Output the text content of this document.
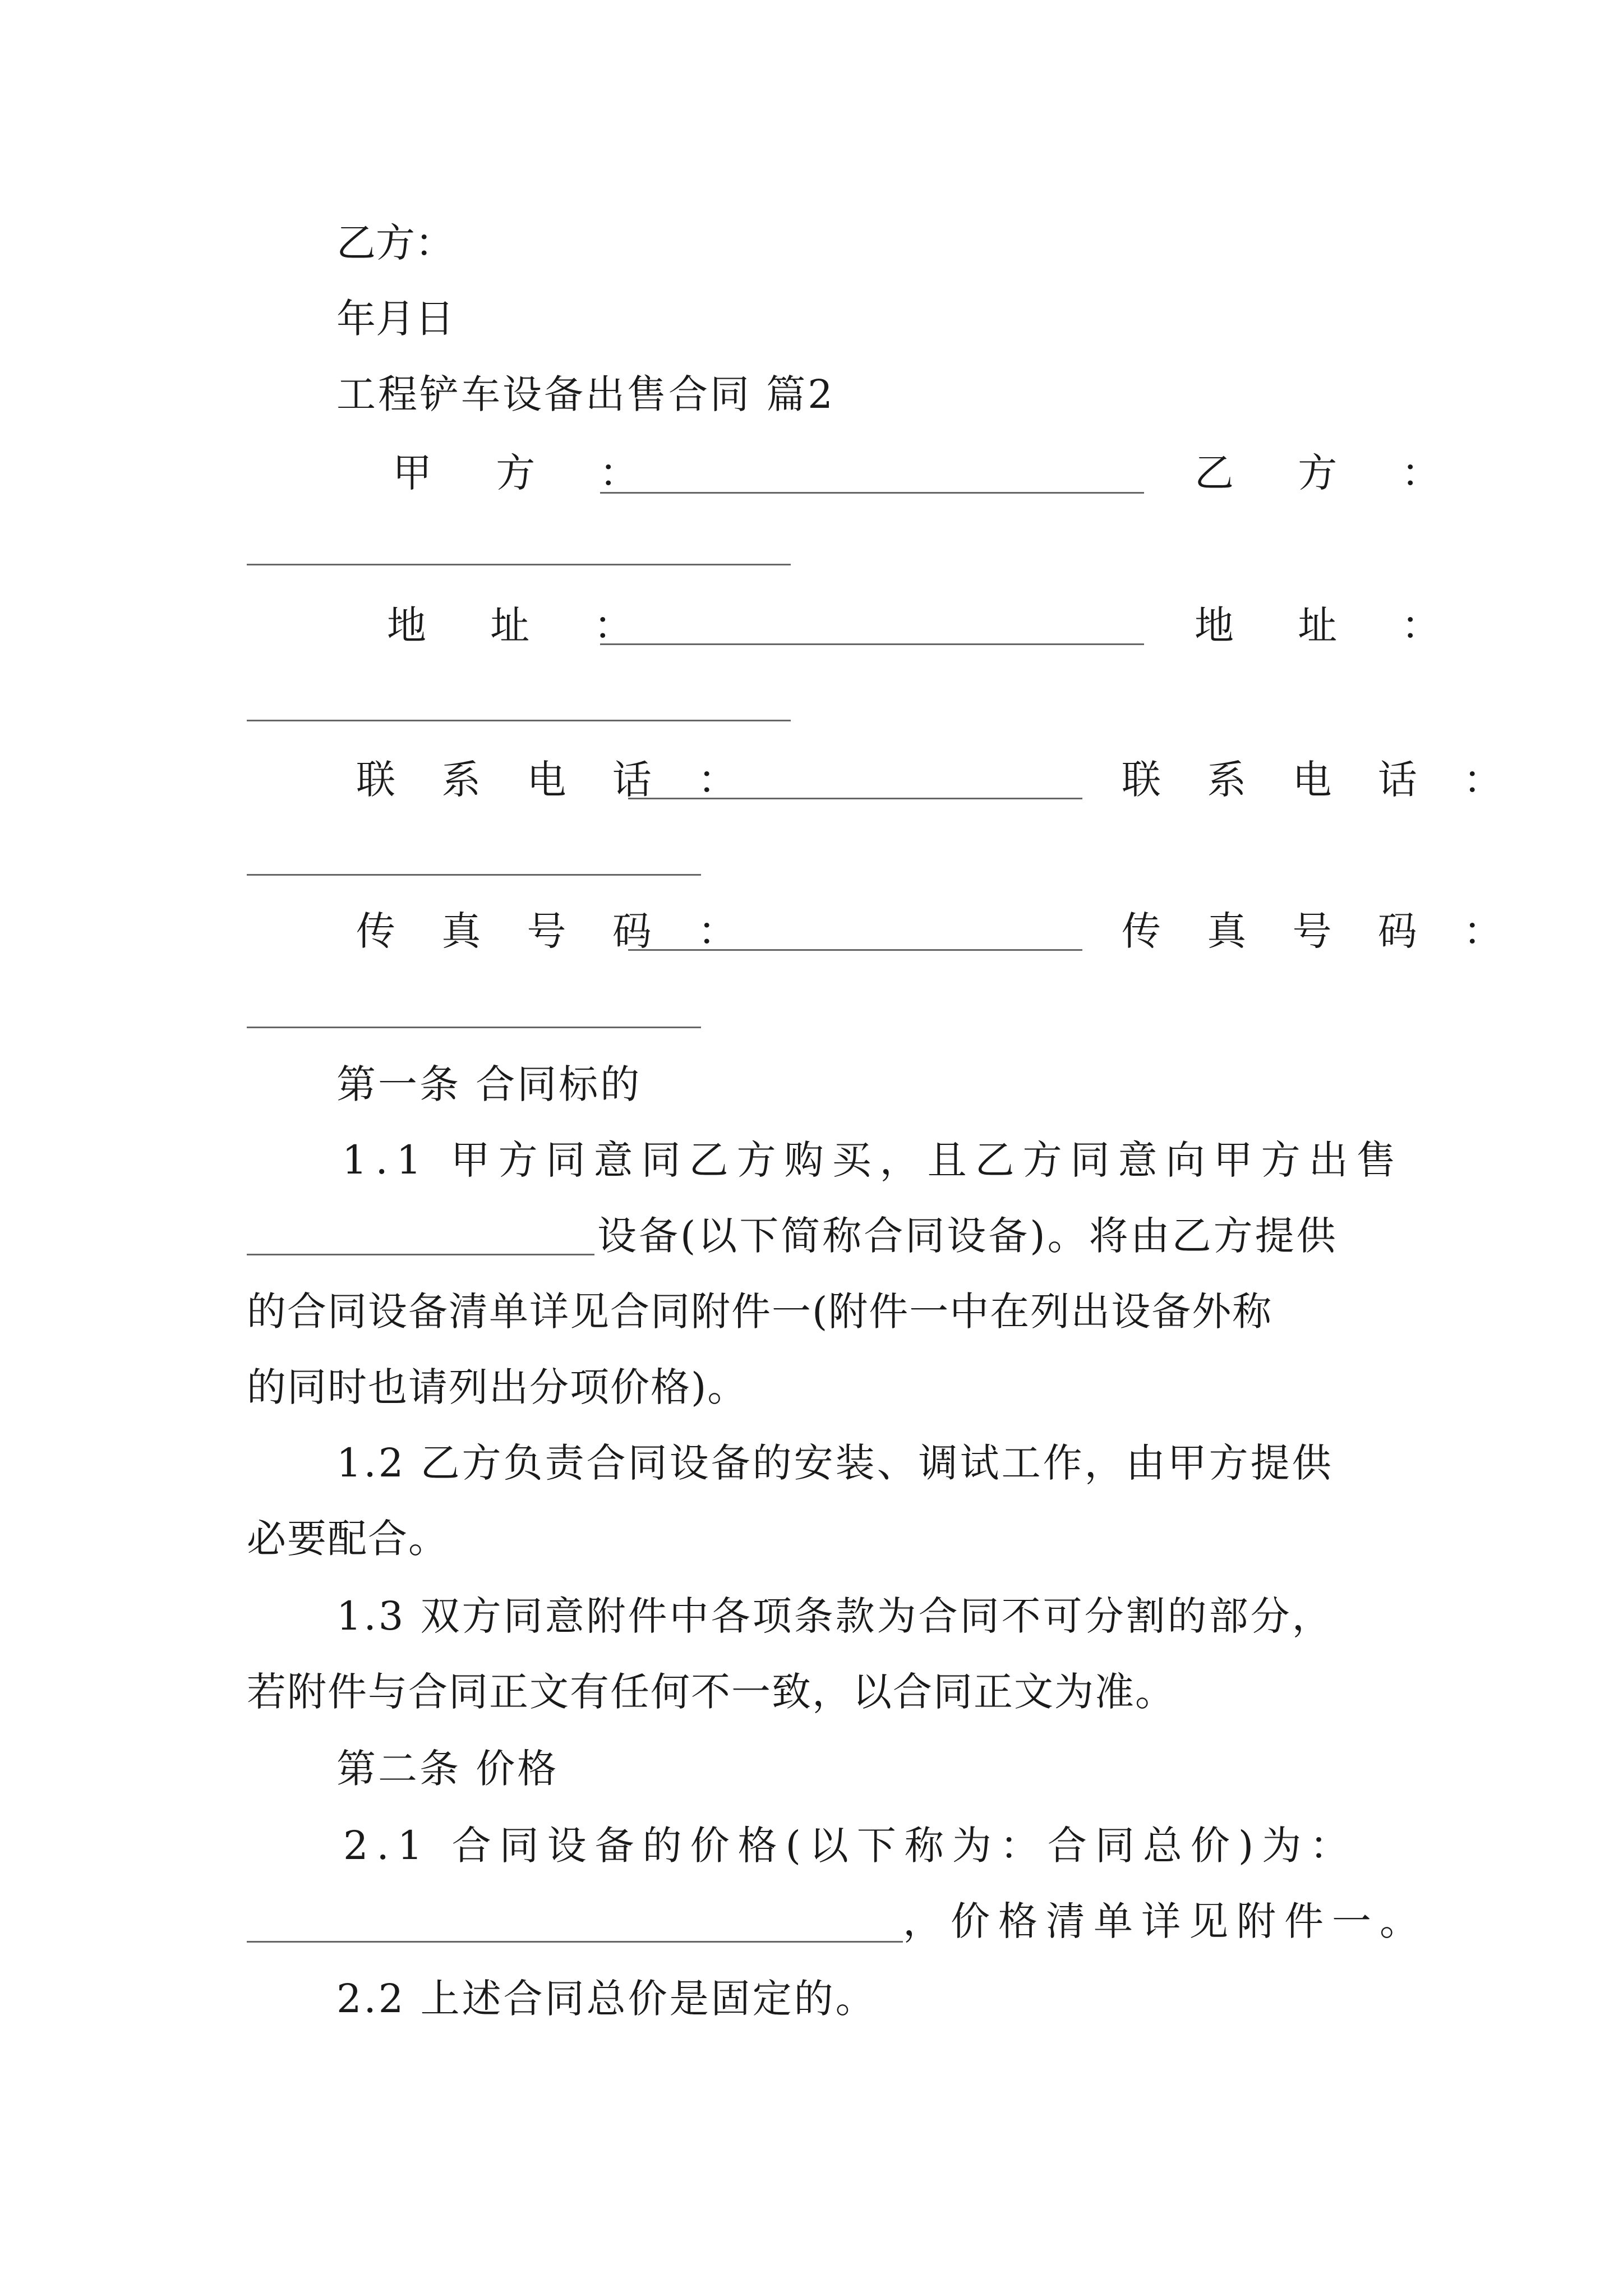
乙方：
年月日
工程铲车设备出售合同 篇2
甲 方 ：	乙 方 ：
地 址 ：	地 址 ：
联 系 电 话 ：	联 系 电 话 ：
传 真 号 码 ：	传 真 号 码 ：
第一条 合同标的
1.1 甲方同意同乙方购买，且乙方同意向甲方出售
设备(以下简称合同设备)。将由乙方提供
的合同设备清单详见合同附件一(附件一中在列出设备外称
的同时也请列出分项价格)。
1.2 乙方负责合同设备的安装、调试工作，由甲方提供
必要配合。
1.3 双方同意附件中各项条款为合同不可分割的部分，
若附件与合同正文有任何不一致，以合同正文为准。
第二条 价格
2.1 合同设备的价格(以下称为：合同总价)为：
，价格清单详见附件一。
2.2 上述合同总价是固定的。
